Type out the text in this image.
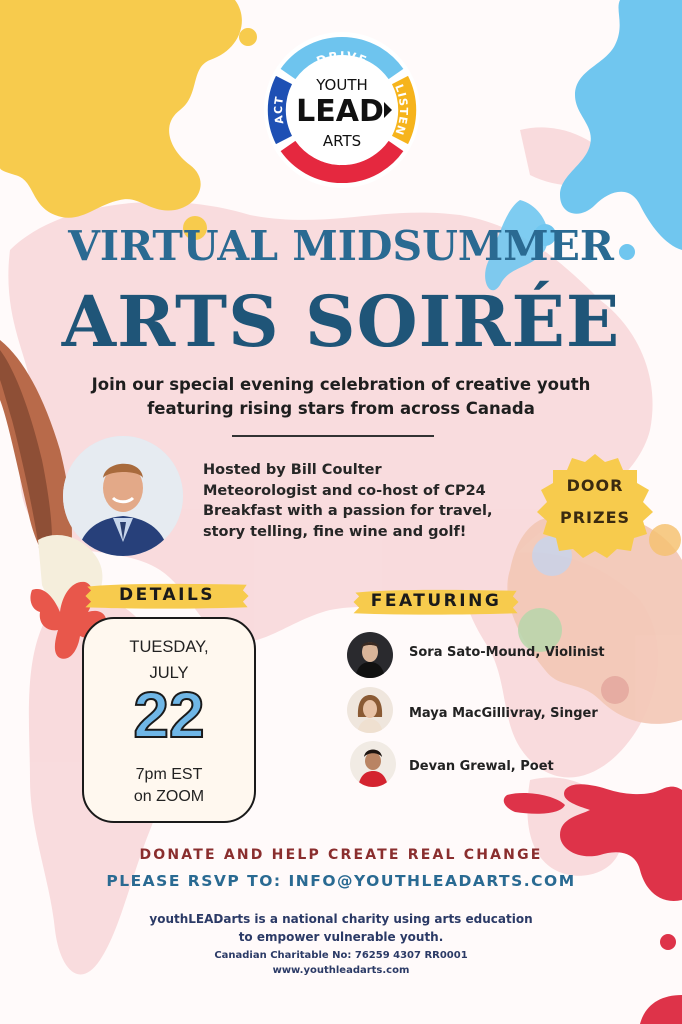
DRIVE
LISTEN
EMPATHIZE
ACT
YOUTH
LEAD
ARTS
VIRTUAL MIDSUMMER
ARTS SOIRÉE
Join our special evening celebration of creative youth
featuring rising stars from across Canada
Hosted by Bill Coulter
Meteorologist and co-host of CP24
Breakfast with a passion for travel,
story telling, fine wine and golf!
DOOR
PRIZES
DETAILS
TUESDAY,
JULY
22
7pm EST
on ZOOM
FEATURING
Sora Sato-Mound, Violinist
Maya MacGillivray, Singer
Devan Grewal, Poet
DONATE AND HELP CREATE REAL CHANGE
PLEASE RSVP TO: INFO@YOUTHLEADARTS.COM
youthLEADarts is a national charity using arts education
to empower vulnerable youth.
Canadian Charitable No: 76259 4307 RR0001
www.youthleadarts.com
